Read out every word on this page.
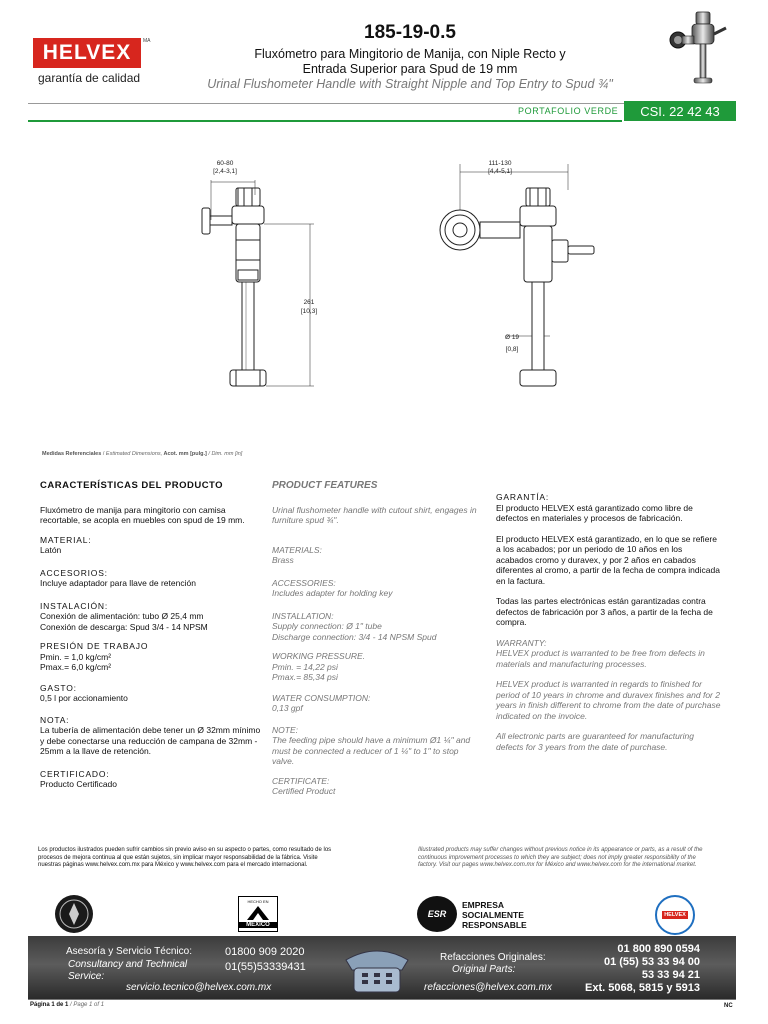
HELVEX MA
garantía de calidad
185-19-0.5
Fluxómetro para Mingitorio de Manija, con Niple Recto y
Entrada Superior para Spud de 19 mm
Urinal Flushometer Handle with Straight Nipple and Top Entry to Spud ¾"
PORTAFOLIO VERDE CSI. 22 42 43
60-80
[2,4-3,1]
261
[10,3]
111-130
[4,4-5,1]
Ø 19
[0,8]
Medidas Referenciales / Estimated Dimensions, Acot. mm [pulg.] / Dim. mm [in]
CARACTERÍSTICAS DEL PRODUCTO
Fluxómetro de manija para mingitorio con camisa recortable, se acopla en muebles con spud de 19 mm.
MATERIAL:
Latón
ACCESORIOS:
Incluye adaptador para llave de retención
INSTALACIÓN:
Conexión de alimentación: tubo Ø 25,4 mm
Conexión de descarga: Spud 3/4 - 14 NPSM
PRESIÓN DE TRABAJO
Pmin. = 1,0 kg/cm²
Pmax.= 6,0 kg/cm²
GASTO:
0,5 l por accionamiento
NOTA:
La tubería de alimentación debe tener un Ø 32mm mínimo y debe conectarse una reducción de campana de 32mm - 25mm a la llave de retención.
CERTIFICADO:
Producto Certificado
PRODUCT FEATURES
Urinal flushometer handle with cutout shirt, engages in furniture spud ¾".
MATERIALS:
Brass
ACCESSORIES:
Includes adapter for holding key
INSTALLATION:
Supply connection: Ø 1" tube
Discharge connection: 3/4 - 14 NPSM Spud
WORKING PRESSURE.
Pmin. = 14,22 psi
Pmax.= 85,34 psi
WATER CONSUMPTION:
0,13 gpf
NOTE:
The feeding pipe should have a minimum Ø1 ¼" and must be connected a reducer of 1 ¼" to 1" to stop valve.
CERTIFICATE:
Certified Product
GARANTÍA:
El producto HELVEX está garantizado como libre de defectos en materiales y procesos de fabricación.
El producto HELVEX está garantizado, en lo que se refiere a los acabados; por un periodo de 10 años en los acabados cromo y duravex, y por 2 años en cabados diferentes al cromo, a partir de la fecha de compra indicada en la factura.
Todas las partes electrónicas están garantizadas contra defectos de fabricación por 3 años, a partir de la fecha de compra.
WARRANTY:
HELVEX product is warranted to be free from defects in materials and manufacturing processes.
HELVEX product is warranted in regards to finished for period of 10 years in chrome and duravex finishes and for 2 years in finish different to chrome from the date of purchase indicated on the invoice.
All electronic parts are guaranteed for manufacturing defects for 3 years from the date of purchase.
Los productos ilustrados pueden sufrir cambios sin previo aviso en su aspecto o partes, como resultado de los procesos de mejora continua al que están sujetos, sin implicar mayor responsabilidad de la fábrica. Visite nuestras páginas www.helvex.com.mx para México y www.helvex.com para el mercado internacional.
Illustrated products may suffer changes without previous notice in its appearance or parts, as a result of the continuous improvement processes to which they are subject; does not imply greater responsibility of the factory. Visit our pages www.helvex.com.mx for México and www.helvex.com for the international market.
HECHO EN
MÉXICO
ESR
EMPRESA
SOCIALMENTE
RESPONSABLE
HELVEX
Asesoría y Servicio Técnico:
Consultancy and Technical
Service:
01800 909 2020
01(55)53339431
servicio.tecnico@helvex.com.mx
Refacciones Originales:
Original Parts:
refacciones@helvex.com.mx
01 800 890 0594
01 (55) 53 33 94 00
53 33 94 21
Ext. 5068, 5815 y 5913
Página 1 de 1 / Page 1 of 1	NC
